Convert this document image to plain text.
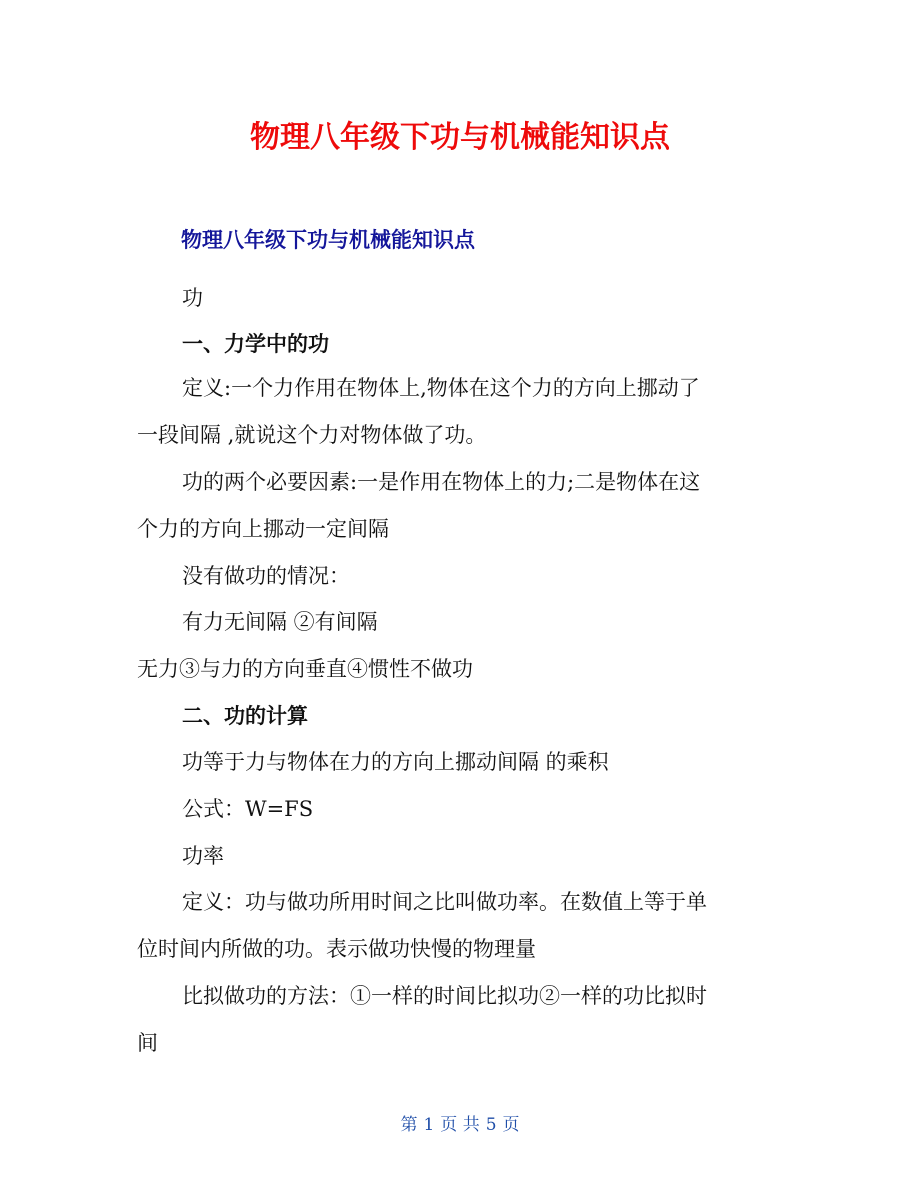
物理八年级下功与机械能知识点
物理八年级下功与机械能知识点
功
一、力学中的功
定义:一个力作用在物体上,物体在这个力的方向上挪动了
一段间隔 ,就说这个力对物体做了功。
功的两个必要因素:一是作用在物体上的力;二是物体在这
个力的方向上挪动一定间隔
没有做功的情况：
有力无间隔 ②有间隔
无力③与力的方向垂直④惯性不做功
二、功的计算
功等于力与物体在力的方向上挪动间隔 的乘积
公式：W=FS
功率
定义：功与做功所用时间之比叫做功率。在数值上等于单
位时间内所做的功。表示做功快慢的物理量
比拟做功的方法：①一样的时间比拟功②一样的功比拟时
间
第 1 页 共 5 页
